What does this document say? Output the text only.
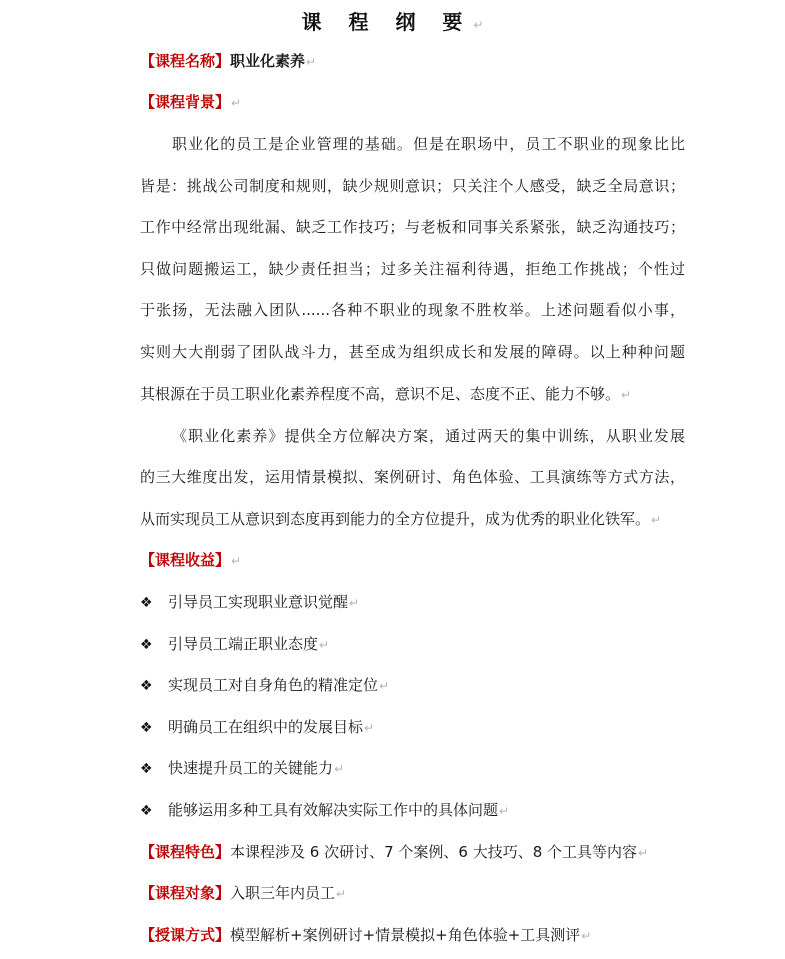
课 程 纲 要↵
【课程名称】职业化素养↵
【课程背景】↵
职业化的员工是企业管理的基础。但是在职场中，员工不职业的现象比比
皆是：挑战公司制度和规则，缺少规则意识；只关注个人感受，缺乏全局意识；
工作中经常出现纰漏、缺乏工作技巧；与老板和同事关系紧张，缺乏沟通技巧；
只做问题搬运工，缺少责任担当；过多关注福利待遇，拒绝工作挑战；个性过
于张扬，无法融入团队......各种不职业的现象不胜枚举。上述问题看似小事，
实则大大削弱了团队战斗力，甚至成为组织成长和发展的障碍。以上种种问题
其根源在于员工职业化素养程度不高，意识不足、态度不正、能力不够。↵
《职业化素养》提供全方位解决方案，通过两天的集中训练，从职业发展
的三大维度出发，运用情景模拟、案例研讨、角色体验、工具演练等方式方法，
从而实现员工从意识到态度再到能力的全方位提升，成为优秀的职业化铁军。↵
【课程收益】↵
❖ 引导员工实现职业意识觉醒↵
❖ 引导员工端正职业态度↵
❖ 实现员工对自身角色的精准定位↵
❖ 明确员工在组织中的发展目标↵
❖ 快速提升员工的关键能力↵
❖ 能够运用多种工具有效解决实际工作中的具体问题↵
【课程特色】本课程涉及 6 次研讨、7 个案例、6 大技巧、8 个工具等内容↵
【课程对象】入职三年内员工↵
【授课方式】模型解析+案例研讨+情景模拟+角色体验+工具测评↵
